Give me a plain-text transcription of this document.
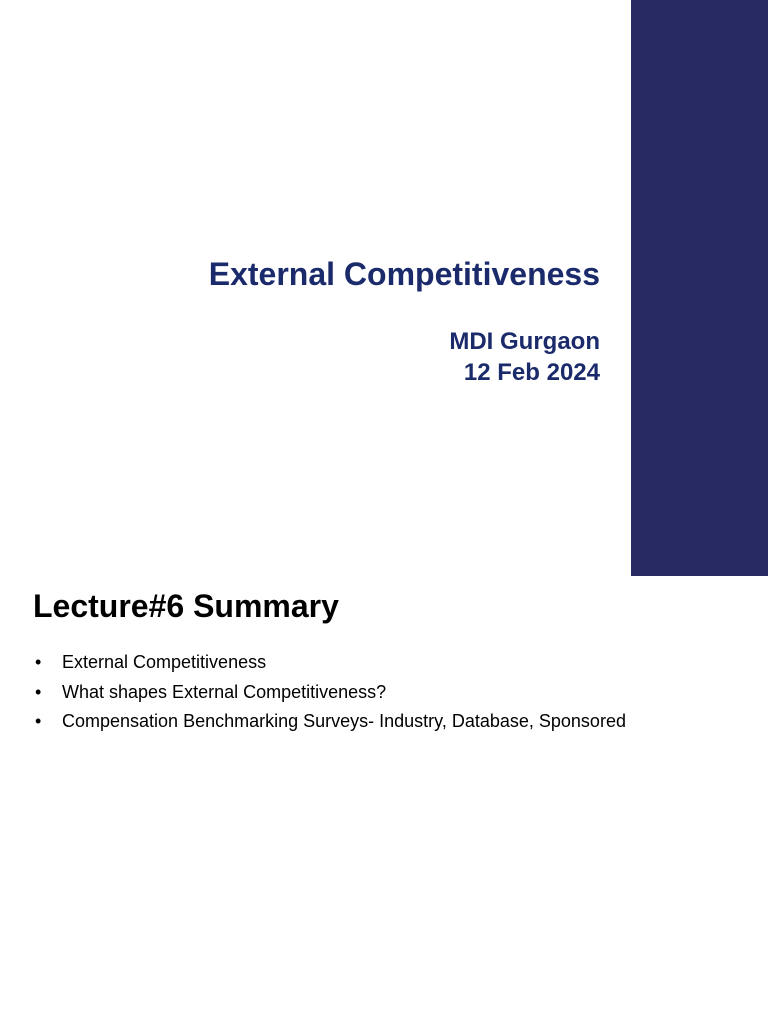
External Competitiveness
MDI Gurgaon
12 Feb 2024
Lecture#6 Summary
• External Competitiveness
• What shapes External Competitiveness?
• Compensation Benchmarking Surveys- Industry, Database, Sponsored
